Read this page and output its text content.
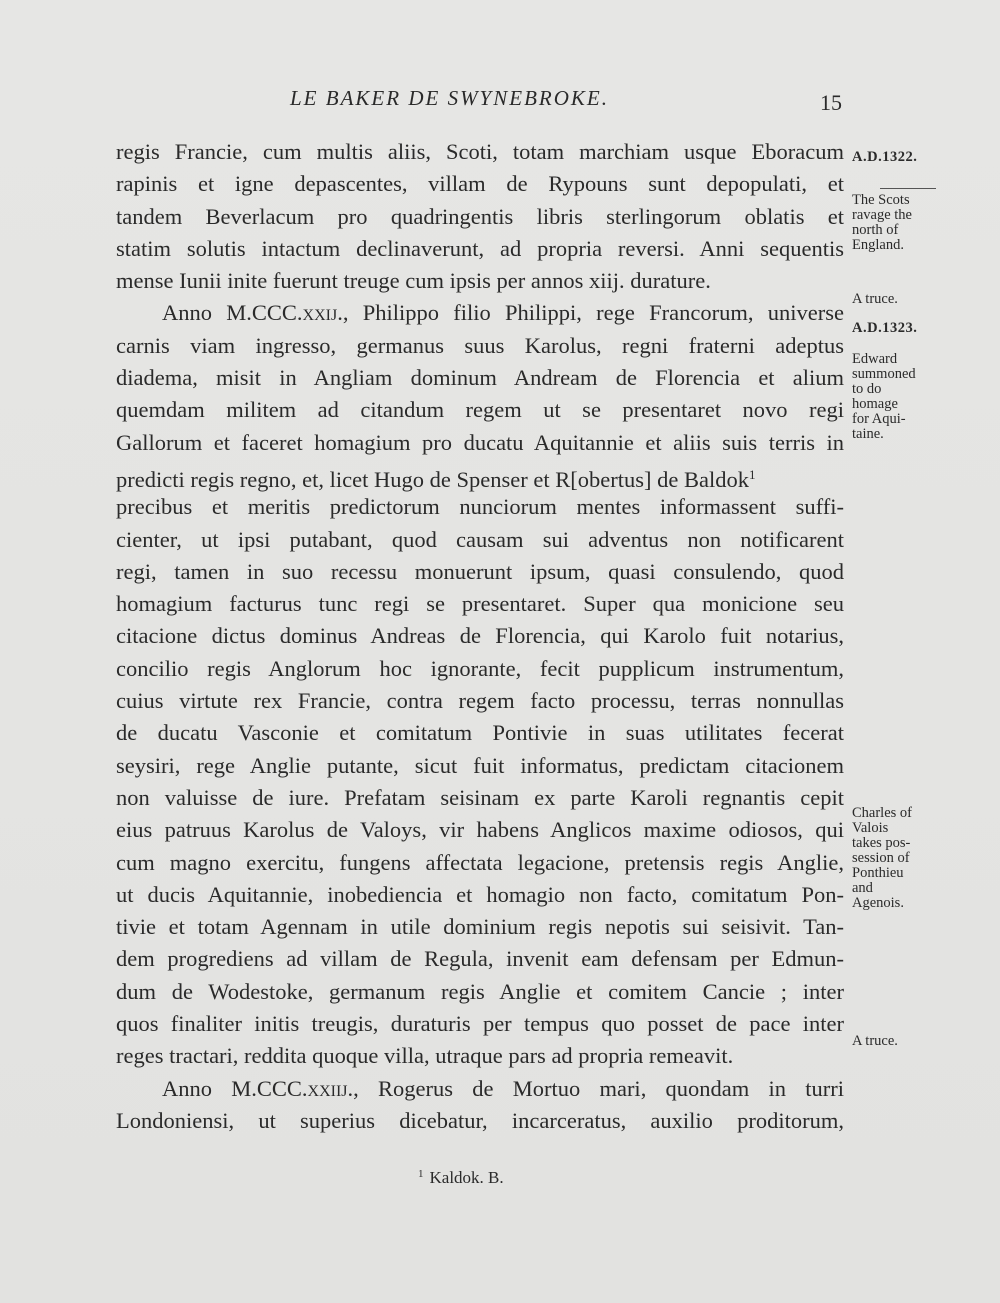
LE BAKER DE SWYNEBROKE.	15
regis Francie, cum multis aliis, Scoti, totam marchiam usque Eboracum
rapinis et igne depascentes, villam de Rypouns sunt depopulati, et
tandem Beverlacum pro quadringentis libris sterlingorum oblatis et
statim solutis intactum declinaverunt, ad propria reversi. Anni sequentis
mense Iunii inite fuerunt treuge cum ipsis per annos xiij. durature.
Anno M.CCC.xxij., Philippo filio Philippi, rege Francorum, universe
carnis viam ingresso, germanus suus Karolus, regni fraterni adeptus
diadema, misit in Angliam dominum Andream de Florencia et alium
quemdam militem ad citandum regem ut se presentaret novo regi
Gallorum et faceret homagium pro ducatu Aquitannie et aliis suis terris in
predicti regis regno, et, licet Hugo de Spenser et R[obertus] de Baldok$^1$
precibus et meritis predictorum nunciorum mentes informassent suffi-
cienter, ut ipsi putabant, quod causam sui adventus non notificarent
regi, tamen in suo recessu monuerunt ipsum, quasi consulendo, quod
homagium facturus tunc regi se presentaret. Super qua monicione seu
citacione dictus dominus Andreas de Florencia, qui Karolo fuit notarius,
concilio regis Anglorum hoc ignorante, fecit pupplicum instrumentum,
cuius virtute rex Francie, contra regem facto processu, terras nonnullas
de ducatu Vasconie et comitatum Pontivie in suas utilitates fecerat
seysiri, rege Anglie putante, sicut fuit informatus, predictam citacionem
non valuisse de iure. Prefatam seisinam ex parte Karoli regnantis cepit
eius patruus Karolus de Valoys, vir habens Anglicos maxime odiosos, qui
cum magno exercitu, fungens affectata legacione, pretensis regis Anglie,
ut ducis Aquitannie, inobediencia et homagio non facto, comitatum Pon-
tivie et totam Agennam in utile dominium regis nepotis sui seisivit. Tan-
dem progrediens ad villam de Regula, invenit eam defensam per Edmun-
dum de Wodestoke, germanum regis Anglie et comitem Cancie ; inter
quos finaliter initis treugis, duraturis per tempus quo posset de pace inter
reges tractari, reddita quoque villa, utraque pars ad propria remeavit.
Anno M.CCC.xxiij., Rogerus de Mortuo mari, quondam in turri
Londoniensi, ut superius dicebatur, incarceratus, auxilio proditorum,
A.D.1322.
The Scots
ravage the
north of
England.
A truce.
A.D.1323.
Edward
summoned
to do
homage
for Aqui-
taine.
Charles of
Valois
takes pos-
session of
Ponthieu
and
Agenois.
A truce.
$^1$ Kaldok. B.
